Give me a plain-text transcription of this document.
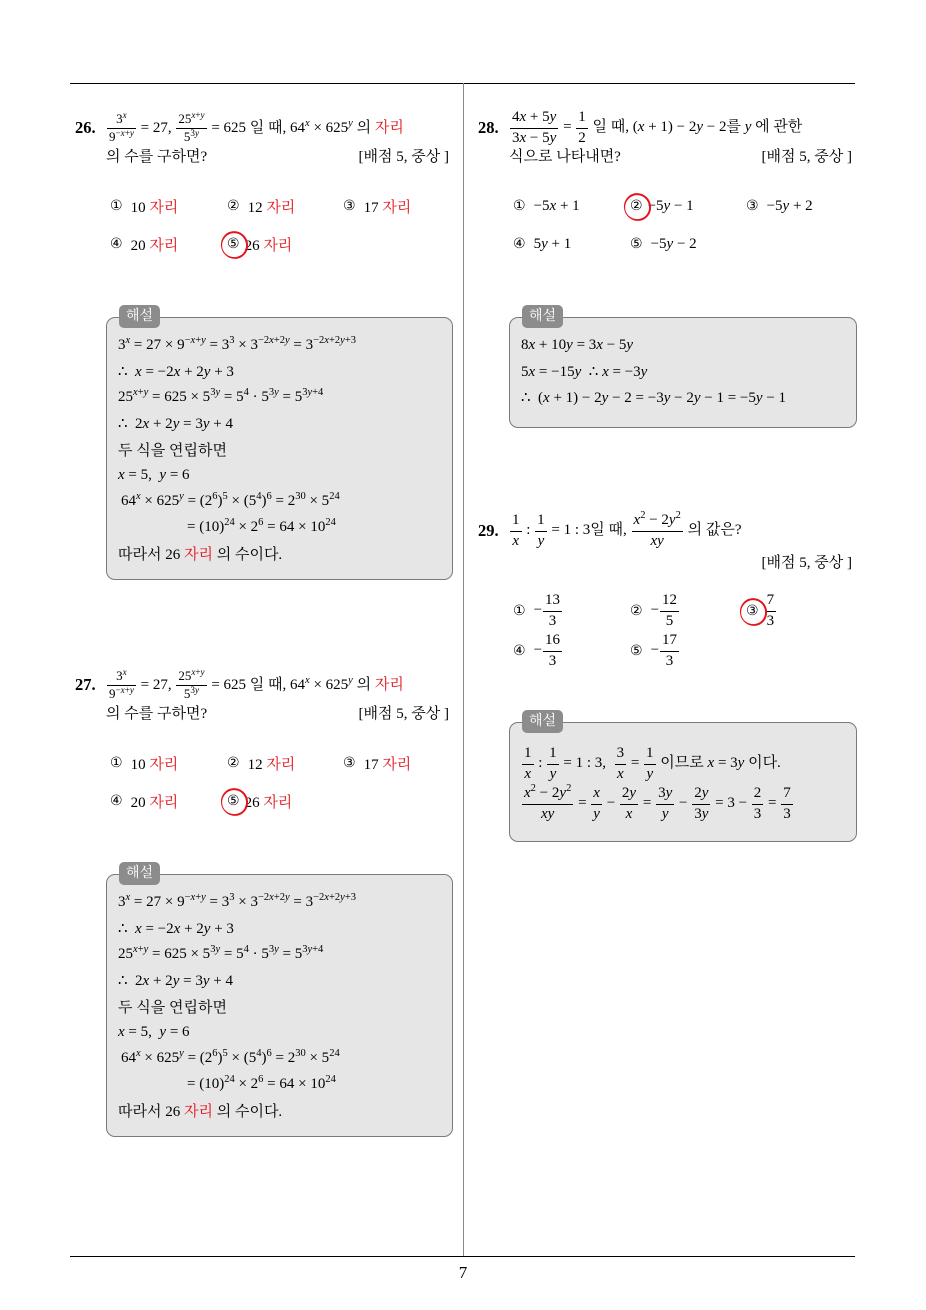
7
26. $\frac{3^x}{9^{-x+y}} = 27$, $\frac{25^{x+y}}{5^{3y}} = 625$ 일 때, $64^x \times 625^y$ 의 자리
의 수를 구하면?	[배점 5, 중상 ]
① 10 자리	② 12 자리	③ 17 자리
④ 20 자리	⑤ 26 자리
해설
$3^x = 27 \times 9^{-x+y} = 3^3 \times 3^{-2x+2y} = 3^{-2x+2y+3}$
∴  x = −2x + 2y + 3
$25^{x+y} = 625 \times 5^{3y} = 5^4 \cdot 5^{3y} = 5^{3y+4}$
∴  2x + 2y = 3y + 4
두 식을 연립하면
x = 5,  y = 6
$64^x \times 625^y = (2^6)^5 \times (5^4)^6 = 2^{30} \times 5^{24}$
= $(10)^{24} \times 2^6 = 64 \times 10^{24}$
따라서 26 자리 의 수이다.
27. $\frac{3^x}{9^{-x+y}} = 27$, $\frac{25^{x+y}}{5^{3y}} = 625$ 일 때, $64^x \times 625^y$ 의 자리
의 수를 구하면?	[배점 5, 중상 ]
① 10 자리	② 12 자리	③ 17 자리
④ 20 자리	⑤ 26 자리
해설
$3^x = 27 \times 9^{-x+y} = 3^3 \times 3^{-2x+2y} = 3^{-2x+2y+3}$
∴  x = −2x + 2y + 3
$25^{x+y} = 625 \times 5^{3y} = 5^4 \cdot 5^{3y} = 5^{3y+4}$
∴  2x + 2y = 3y + 4
두 식을 연립하면
x = 5,  y = 6
$64^x \times 625^y = (2^6)^5 \times (5^4)^6 = 2^{30} \times 5^{24}$
= $(10)^{24} \times 2^6 = 64 \times 10^{24}$
따라서 26 자리 의 수이다.
28. $\frac{4x + 5y}{3x - 5y} = \frac{1}{2}$ 일 때, (x + 1) − 2y − 2를 y 에 관한
식으로 나타내면?	[배점 5, 중상 ]
① −5x + 1	② −5y − 1	③ −5y + 2
④ 5y + 1	⑤ −5y − 2
해설
8x + 10y = 3x − 5y
5x = −15y  ∴ x = −3y
∴  (x + 1) − 2y − 2 = −3y − 2y − 1 = −5y − 1
29. $\frac{1}{x}$ : $\frac{1}{y} = 1$ : 3일 때, $\frac{x^2 - 2y^2}{xy}$ 의 값은?
[배점 5, 중상 ]
① − $\frac{13}{3}$	② − $\frac{12}{5}$	③ $\frac{7}{3}$
④ − $\frac{16}{3}$	⑤ − $\frac{17}{3}$
해설
$\frac{1}{x}$ : $\frac{1}{y} = 1$ : 3, $\frac{3}{x} = \frac{1}{y}$ 이므로 x = 3y 이다.
$\frac{x^2 - 2y^2}{xy} = \frac{x}{y} - \frac{2y}{x} = \frac{3y}{y} - \frac{2y}{3y} = 3 - \frac{2}{3} = \frac{7}{3}$
